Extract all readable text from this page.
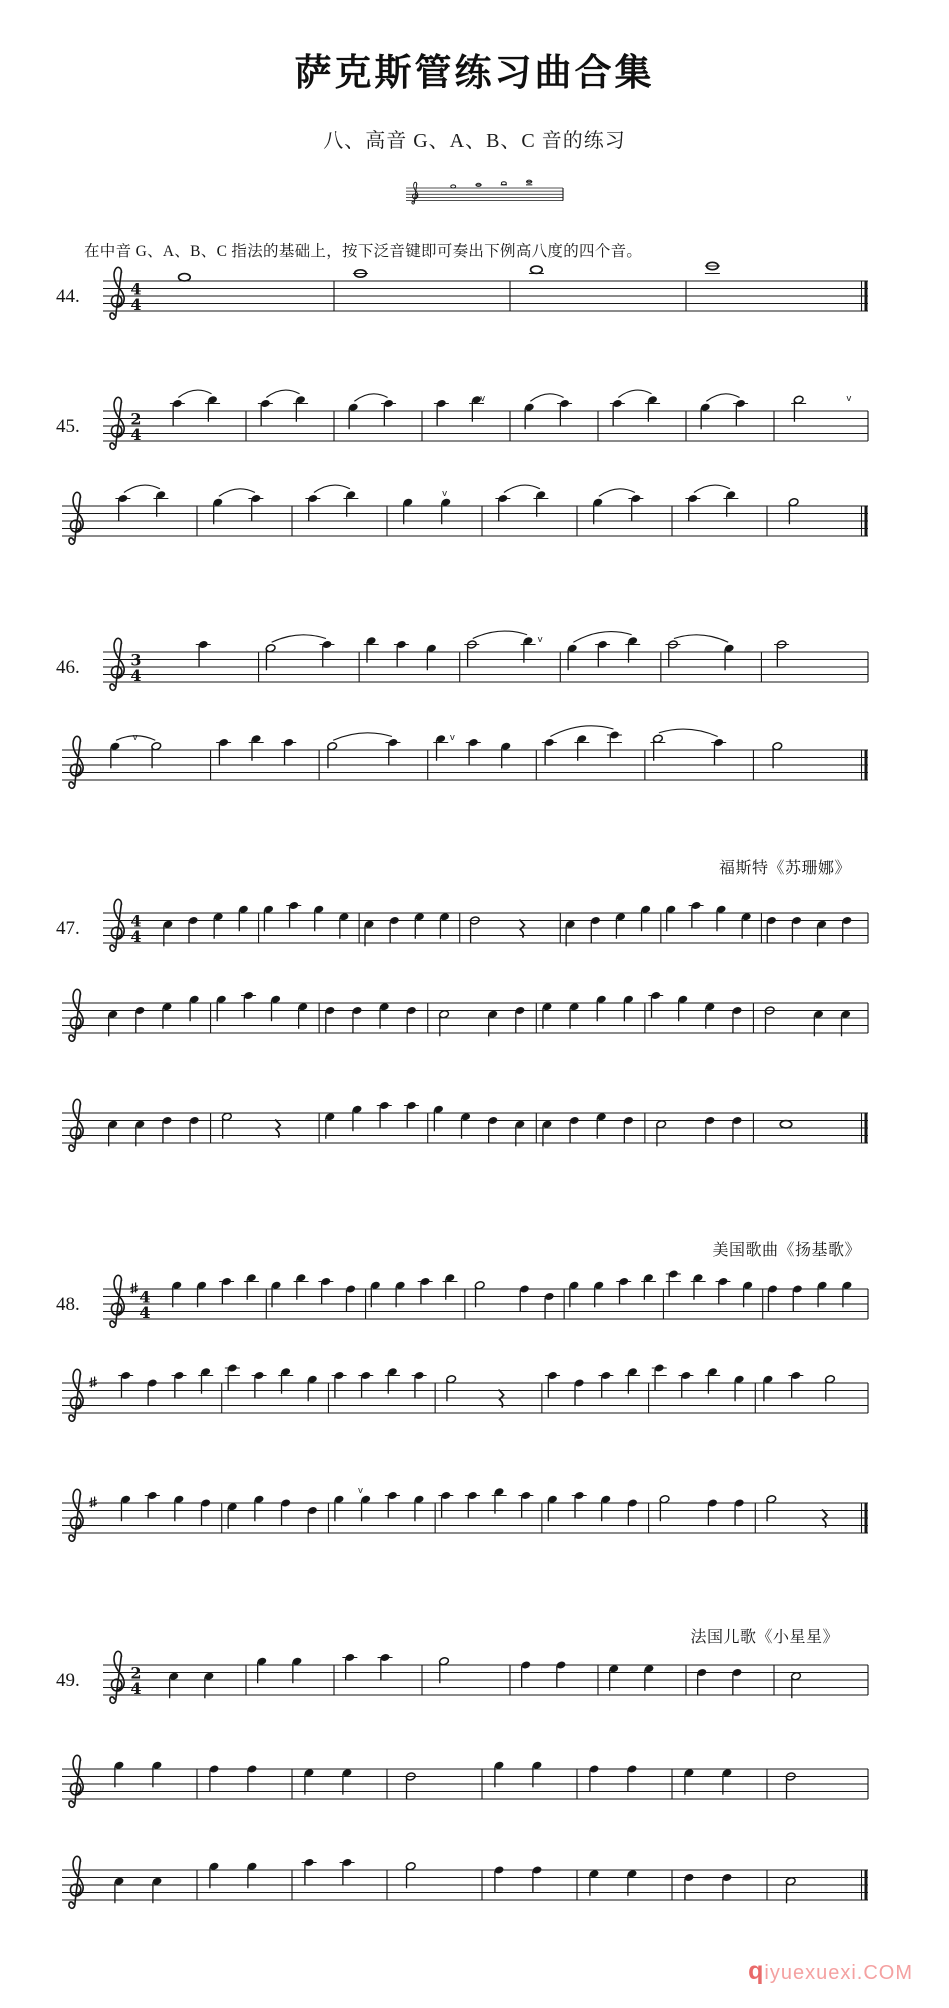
萨克斯管练习曲合集
八、高音 G、A、B、C 音的练习
在中音 G、A、B、C 指法的基础上，按下泛音键即可奏出下例高八度的四个音。
44.	4
4
45.	2
4
v	v
v
46.	3
4
v
v	v
47.	4
4
48.	4
4
v
49.	2
4
福斯特《苏珊娜》
美国歌曲《扬基歌》
法国儿歌《小星星》
qiyuexuexi.COM
